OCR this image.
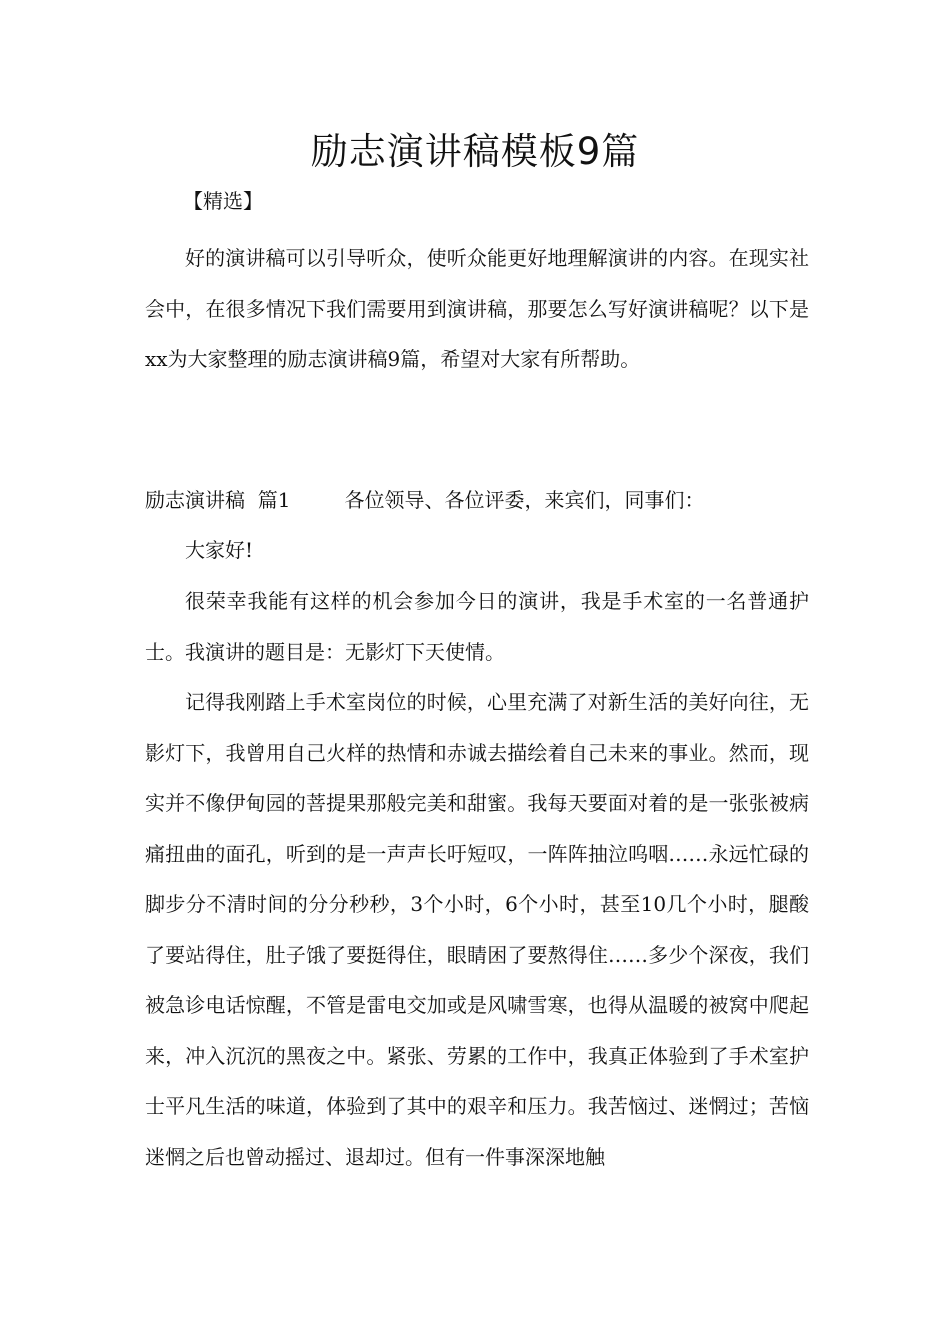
励志演讲稿模板9篇

【精选】

好的演讲稿可以引导听众，使听众能更好地理解演讲的内容。在现实社会中，在很多情况下我们需要用到演讲稿，那要怎么写好演讲稿呢？以下是xx为大家整理的励志演讲稿9篇，希望对大家有所帮助。

励志演讲稿  篇1	各位领导、各位评委，来宾们，同事们：

大家好!

很荣幸我能有这样的机会参加今日的演讲，我是手术室的一名普通护士。我演讲的题目是：无影灯下天使情。

记得我刚踏上手术室岗位的时候，心里充满了对新生活的美好向往，无影灯下，我曾用自己火样的热情和赤诚去描绘着自己未来的事业。然而，现实并不像伊甸园的菩提果那般完美和甜蜜。我每天要面对着的是一张张被病痛扭曲的面孔，听到的是一声声长吁短叹，一阵阵抽泣呜咽……永远忙碌的脚步分不清时间的分分秒秒，3个小时，6个小时，甚至10几个小时，腿酸了要站得住，肚子饿了要挺得住，眼睛困了要熬得住……多少个深夜，我们被急诊电话惊醒，不管是雷电交加或是风啸雪寒，也得从温暖的被窝中爬起来，冲入沉沉的黑夜之中。紧张、劳累的工作中，我真正体验到了手术室护士平凡生活的味道，体验到了其中的艰辛和压力。我苦恼过、迷惘过；苦恼迷惘之后也曾动摇过、退却过。但有一件事深深地触
